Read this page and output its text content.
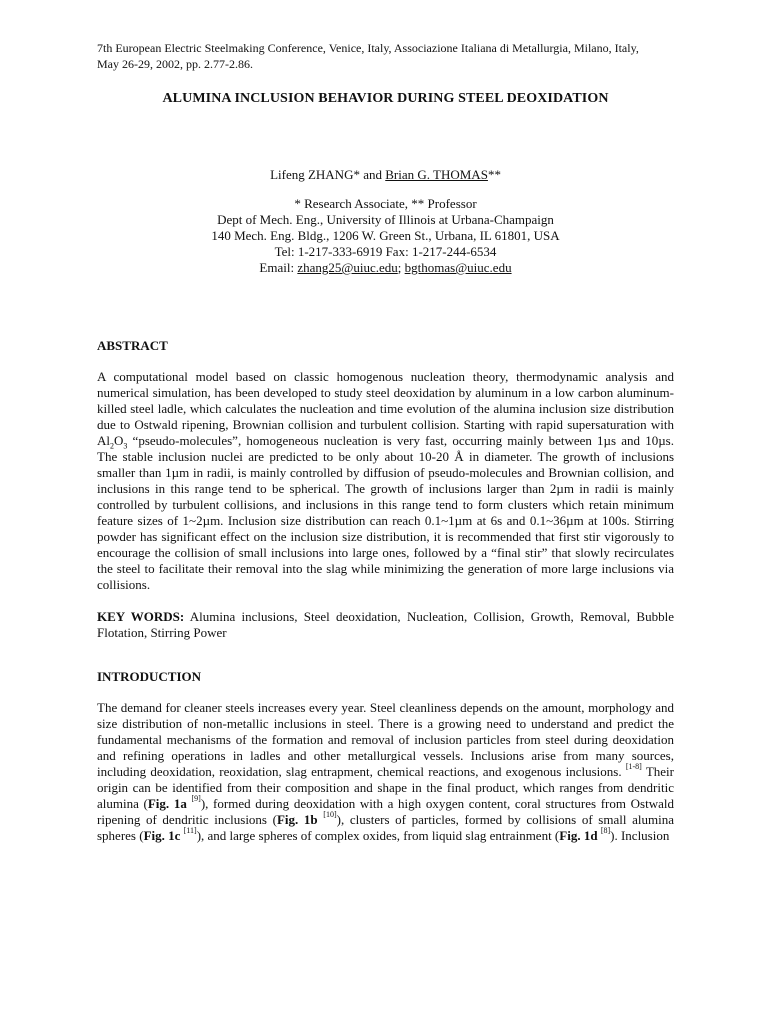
7th European Electric Steelmaking Conference, Venice, Italy, Associazione Italiana di Metallurgia, Milano, Italy,
May 26-29, 2002, pp. 2.77-2.86.
ALUMINA INCLUSION BEHAVIOR DURING STEEL DEOXIDATION
Lifeng ZHANG* and Brian G. THOMAS**
* Research Associate, ** Professor
Dept of Mech. Eng., University of Illinois at Urbana-Champaign
140 Mech. Eng. Bldg., 1206 W. Green St., Urbana, IL 61801, USA
Tel: 1-217-333-6919 Fax: 1-217-244-6534
Email: zhang25@uiuc.edu; bgthomas@uiuc.edu
ABSTRACT

A computational model based on classic homogenous nucleation theory, thermodynamic analysis and numerical simulation, has been developed to study steel deoxidation by aluminum in a low carbon aluminum-killed steel ladle, which calculates the nucleation and time evolution of the alumina inclusion size distribution due to Ostwald ripening, Brownian collision and turbulent collision. Starting with rapid supersaturation with $Al_2O_3$ “pseudo-molecules”, homogeneous nucleation is very fast, occurring mainly between 1µs and 10µs. The stable inclusion nuclei are predicted to be only about 10-20 Å in diameter. The growth of inclusions smaller than 1µm in radii, is mainly controlled by diffusion of pseudo-molecules and Brownian collision, and inclusions in this range tend to be spherical. The growth of inclusions larger than 2µm in radii is mainly controlled by turbulent collisions, and inclusions in this range tend to form clusters which retain minimum feature sizes of 1~2µm. Inclusion size distribution can reach 0.1~1µm at 6s and 0.1~36µm at 100s. Stirring powder has significant effect on the inclusion size distribution, it is recommended that first stir vigorously to encourage the collision of small inclusions into large ones, followed by a “final stir” that slowly recirculates the steel to facilitate their removal into the slag while minimizing the generation of more large inclusions via collisions.

KEY WORDS: Alumina inclusions, Steel deoxidation, Nucleation, Collision, Growth, Removal, Bubble Flotation, Stirring Power

INTRODUCTION

The demand for cleaner steels increases every year. Steel cleanliness depends on the amount, morphology and size distribution of non-metallic inclusions in steel. There is a growing need to understand and predict the fundamental mechanisms of the formation and removal of inclusion particles from steel during deoxidation and refining operations in ladles and other metallurgical vessels. Inclusions arise from many sources, including deoxidation, reoxidation, slag entrapment, chemical reactions, and exogenous inclusions. [1-8] Their origin can be identified from their composition and shape in the final product, which ranges from dendritic alumina (Fig. 1a [9]), formed during deoxidation with a high oxygen content, coral structures from Ostwald ripening of dendritic inclusions (Fig. 1b [10]), clusters of particles, formed by collisions of small alumina spheres (Fig. 1c [11]), and large spheres of complex oxides, from liquid slag entrainment (Fig. 1d [8]). Inclusion
